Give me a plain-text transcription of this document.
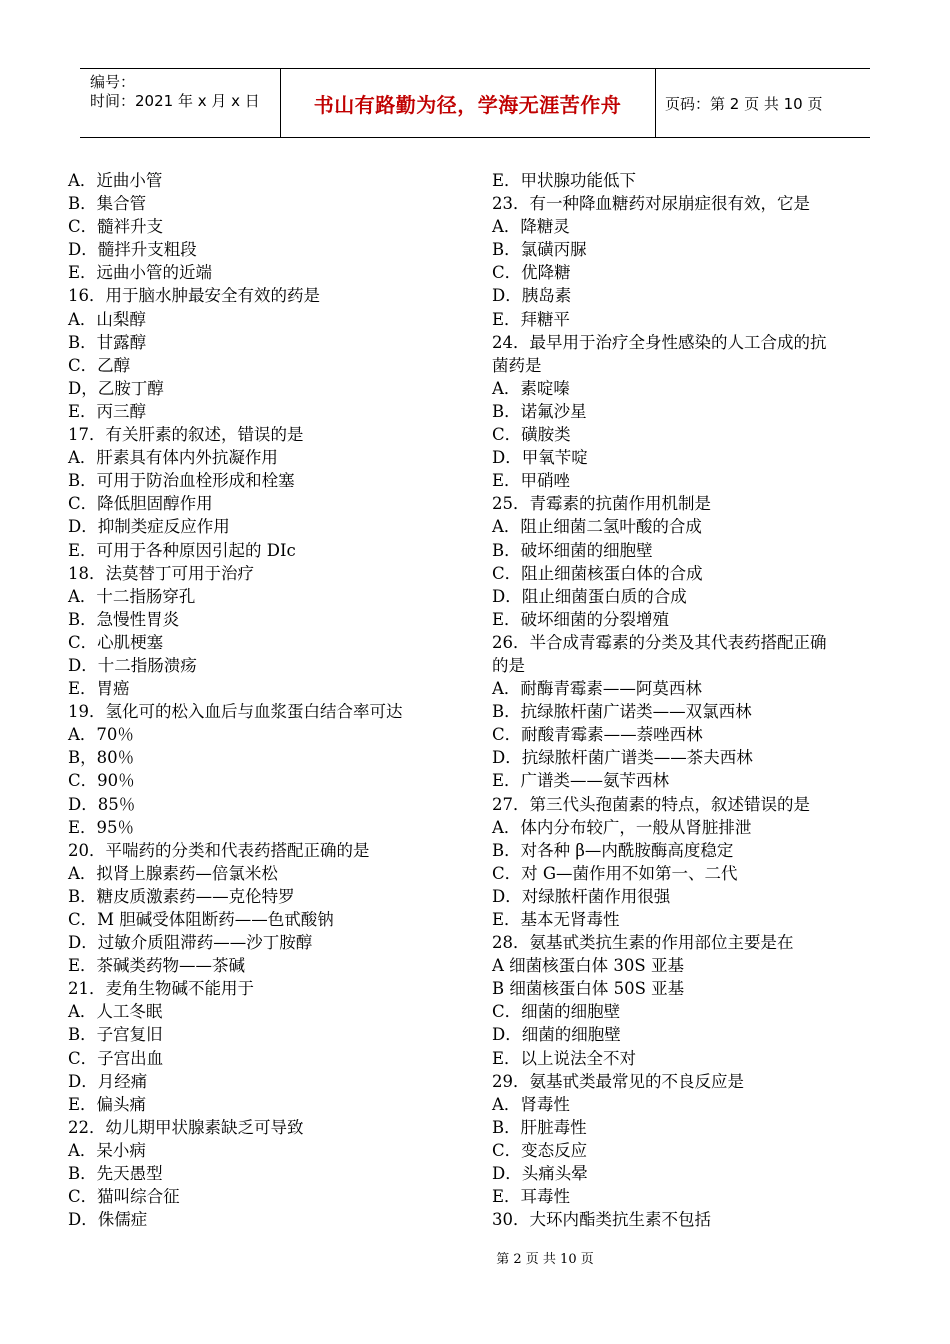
编号：
时间：2021 年 x 月 x 日	书山有路勤为径，学海无涯苦作舟	页码：第 2 页 共 10 页
A．近曲小管
B．集合管
C．髓袢升支
D．髓拌升支粗段
E．远曲小管的近端
16．用于脑水肿最安全有效的药是
A．山梨醇
B．甘露醇
C．乙醇
D，乙胺丁醇
E．丙三醇
17．有关肝素的叙述，错误的是
A．肝素具有体内外抗凝作用
B．可用于防治血栓形成和栓塞
C．降低胆固醇作用
D．抑制类症反应作用
E．可用于各种原因引起的 DIc
18．法莫替丁可用于治疗
A．十二指肠穿孔
B．急慢性胃炎
C．心肌梗塞
D．十二指肠溃疡
E．胃癌
19．氢化可的松入血后与血浆蛋白结合率可达
A．70％
B，80％
C．90％
D．85％
E．95％
20．平喘药的分类和代表药搭配正确的是
A．拟肾上腺素药—倍氯米松
B．糖皮质激素药——克伦特罗
C．M 胆碱受体阻断药——色甙酸钠
D．过敏介质阻滞药——沙丁胺醇
E．茶碱类药物——茶碱
21．麦角生物碱不能用于
A．人工冬眠
B．子宫复旧
C．子宫出血
D．月经痛
E．偏头痛
22．幼儿期甲状腺素缺乏可导致
A．呆小病
B．先天愚型
C．猫叫综合征
D．侏儒症
E．甲状腺功能低下
23．有一种降血糖药对尿崩症很有效，它是
A．降糖灵
B．氯磺丙脲
C．优降糖
D．胰岛素
E．拜糖平
24．最早用于治疗全身性感染的人工合成的抗
菌药是
A．素啶嗪
B．诺氟沙星
C．磺胺类
D．甲氧苄啶
E．甲硝唑
25．青霉素的抗菌作用机制是
A．阻止细菌二氢叶酸的合成
B．破坏细菌的细胞壁
C．阻止细菌核蛋白体的合成
D．阻止细菌蛋白质的合成
E．破坏细菌的分裂增殖
26．半合成青霉素的分类及其代表药搭配正确
的是
A．耐酶青霉素——阿莫西林
B．抗绿脓杆菌广诺类——双氯西林
C．耐酸青霉素——萘唑西林
D．抗绿脓杆菌广谱类——茶夫西林
E．广谱类——氨苄西林
27．第三代头孢菌素的特点，叙述错误的是
A．体内分布较广，一般从肾脏排泄
B．对各种 β—内酰胺酶高度稳定
C．对 G—菌作用不如第一、二代
D．对绿脓杆菌作用很强
E．基本无肾毒性
28．氨基甙类抗生素的作用部位主要是在
A 细菌核蛋白体 30S 亚基
B 细菌核蛋白体 50S 亚基
C．细菌的细胞壁
D．细菌的细胞壁
E．以上说法全不对
29．氨基甙类最常见的不良反应是
A．肾毒性
B．肝脏毒性
C．变态反应
D．头痛头晕
E．耳毒性
30．大环内酯类抗生素不包括
第 2 页 共 10 页
